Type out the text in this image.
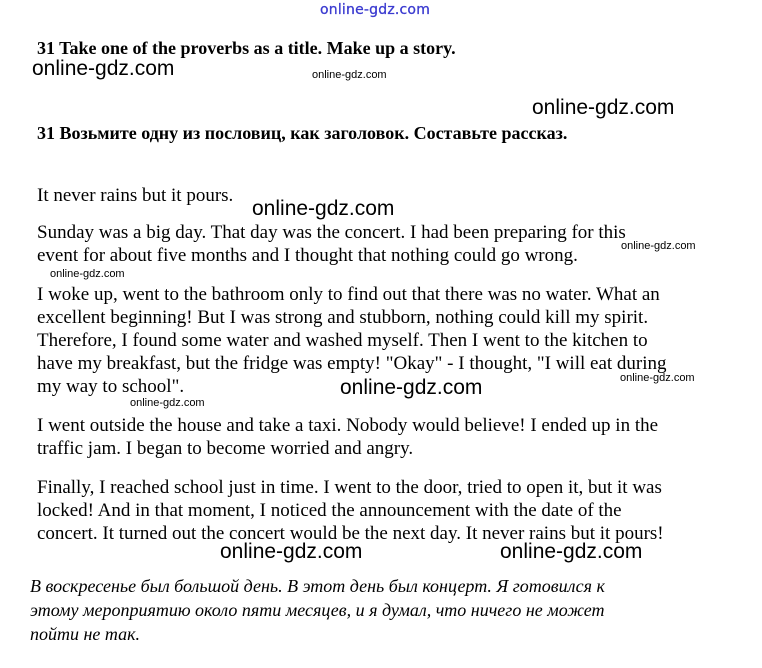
online-gdz.com
31 Take one of the proverbs as a title. Make up a story.
31 Возьмите одну из пословиц, как заголовок. Составьте рассказ.
It never rains but it pours.
Sunday was a big day. That day was the concert. I had been preparing for this
event for about five months and I thought that nothing could go wrong.
I woke up, went to the bathroom only to find out that there was no water. What an
excellent beginning! But I was strong and stubborn, nothing could kill my spirit.
Therefore, I found some water and washed myself. Then I went to the kitchen to
have my breakfast, but the fridge was empty! "Okay" - I thought, "I will eat during
my way to school".
I went outside the house and take a taxi. Nobody would believe! I ended up in the
traffic jam. I began to become worried and angry.
Finally, I reached school just in time. I went to the door, tried to open it, but it was
locked! And in that moment, I noticed the announcement with the date of the
concert. It turned out the concert would be the next day. It never rains but it pours!
В воскресенье был большой день. В этот день был концерт. Я готовился к
этому мероприятию около пяти месяцев, и я думал, что ничего не может
пойти не так.
online-gdz.com	online-gdz.com
online-gdz.com
online-gdz.com
online-gdz.com
online-gdz.com
online-gdz.com	online-gdz.com
online-gdz.com
online-gdz.com	online-gdz.com
